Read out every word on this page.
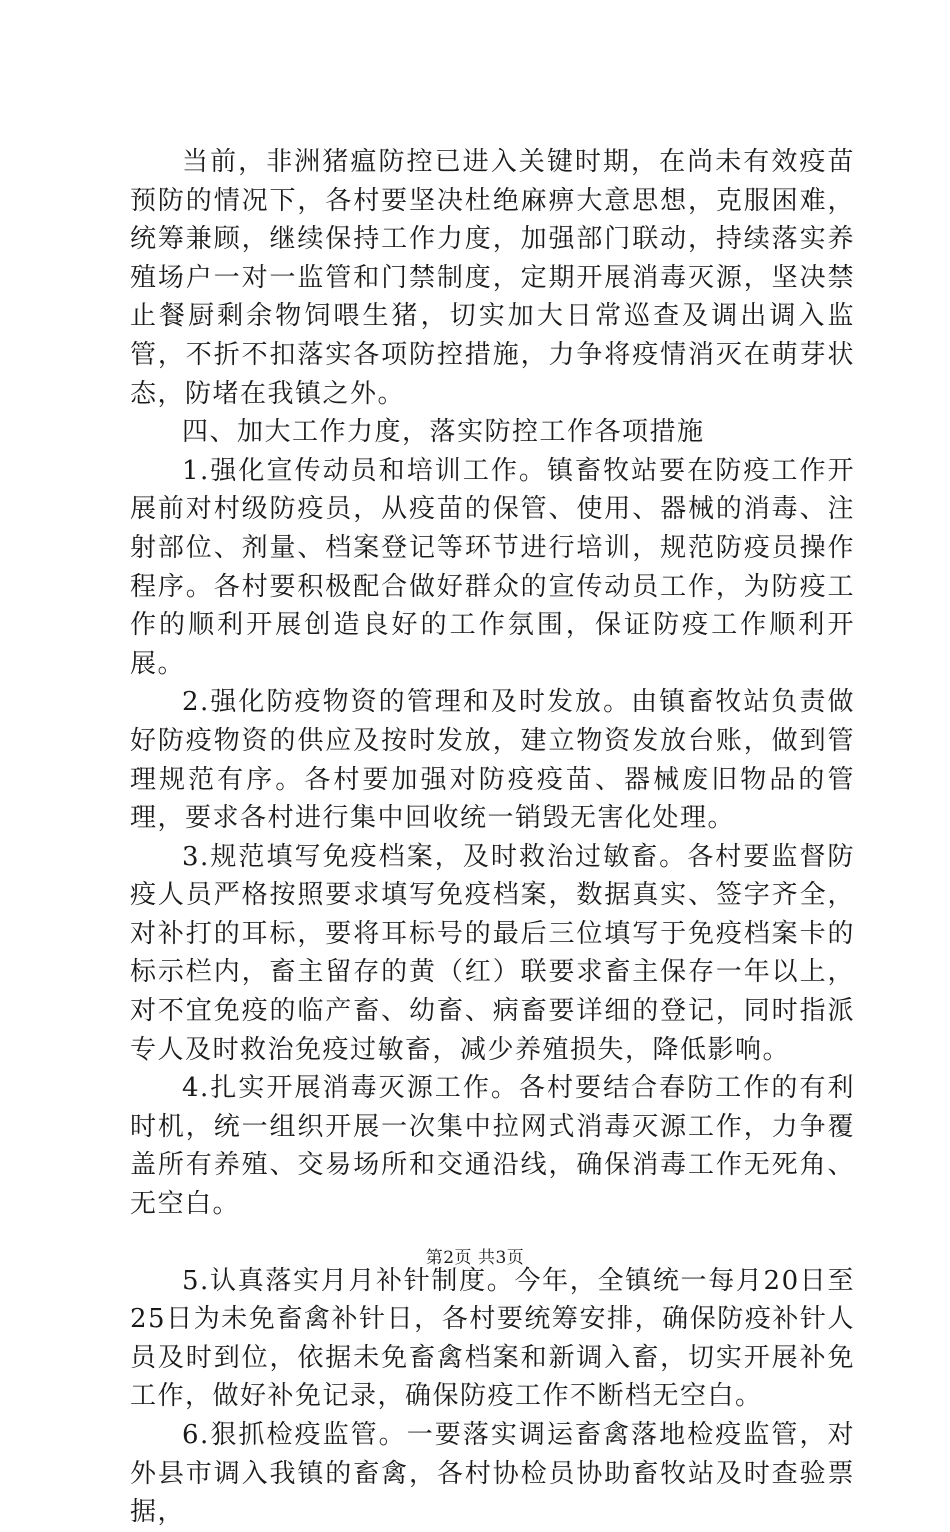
当前，非洲猪瘟防控已进入关键时期，在尚未有效疫苗预防的情况下，各村要坚决杜绝麻痹大意思想，克服困难，统筹兼顾，继续保持工作力度，加强部门联动，持续落实养殖场户一对一监管和门禁制度，定期开展消毒灭源，坚决禁止餐厨剩余物饲喂生猪，切实加大日常巡查及调出调入监管，不折不扣落实各项防控措施，力争将疫情消灭在萌芽状态，防堵在我镇之外。

四、加大工作力度，落实防控工作各项措施

1.强化宣传动员和培训工作。镇畜牧站要在防疫工作开展前对村级防疫员，从疫苗的保管、使用、器械的消毒、注射部位、剂量、档案登记等环节进行培训，规范防疫员操作程序。各村要积极配合做好群众的宣传动员工作，为防疫工作的顺利开展创造良好的工作氛围，保证防疫工作顺利开展。

2.强化防疫物资的管理和及时发放。由镇畜牧站负责做好防疫物资的供应及按时发放，建立物资发放台账，做到管理规范有序。各村要加强对防疫疫苗、器械废旧物品的管理，要求各村进行集中回收统一销毁无害化处理。

3.规范填写免疫档案，及时救治过敏畜。各村要监督防疫人员严格按照要求填写免疫档案，数据真实、签字齐全，对补打的耳标，要将耳标号的最后三位填写于免疫档案卡的标示栏内，畜主留存的黄（红）联要求畜主保存一年以上，对不宜免疫的临产畜、幼畜、病畜要详细的登记，同时指派专人及时救治免疫过敏畜，减少养殖损失，降低影响。

4.扎实开展消毒灭源工作。各村要结合春防工作的有利时机，统一组织开展一次集中拉网式消毒灭源工作，力争覆盖所有养殖、交易场所和交通沿线，确保消毒工作无死角、无空白。

5.认真落实月月补针制度。今年，全镇统一每月20日至25日为未免畜禽补针日，各村要统筹安排，确保防疫补针人员及时到位，依据未免畜禽档案和新调入畜，切实开展补免工作，做好补免记录，确保防疫工作不断档无空白。

6.狠抓检疫监管。一要落实调运畜禽落地检疫监管，对外县市调入我镇的畜禽，各村协检员协助畜牧站及时查验票据，

第2页 共3页
